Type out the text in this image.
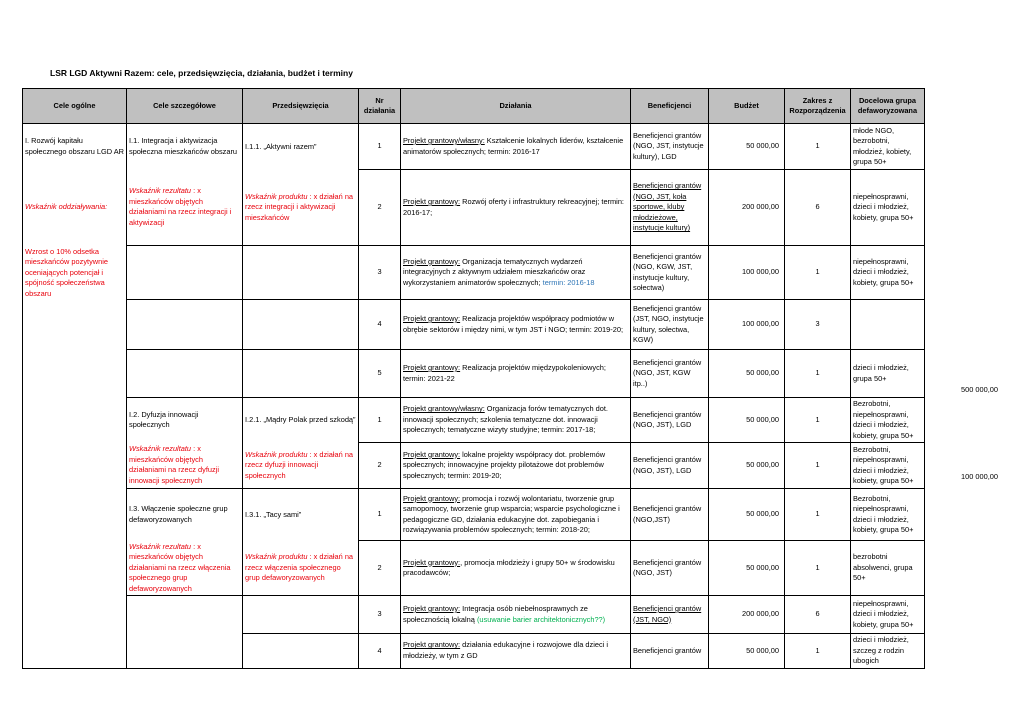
LSR LGD Aktywni Razem: cele, przedsięwzięcia, działania, budżet i terminy
Cele ogólne	Cele szczegółowe	Przedsięwzięcia	Nr działania	Działania	Beneficjenci	Budżet	Zakres z Rozporządzenia	Docelowa grupa defaworyzowana
I. Rozwój kapitału społecznego obszaru LGD AR	I.1. Integracja i aktywizacja społeczna mieszkańców obszaru	I.1.1. „Aktywni razem”	1	Projekt grantowy/własny: Kształcenie lokalnych liderów, kształcenie animatorów społecznych; termin: 2016-17	Beneficjenci grantów (NGO, JST, instytucje kultury), LGD	50 000,00	1	młode NGO, bezrobotni, młodzież, kobiety, grupa 50+
Wskaźnik oddziaływania:	Wskaźnik rezultatu : x mieszkańców objętych działaniami na rzecz integracji i aktywizacji	Wskaźnik produktu : x działań na rzecz integracji i aktywizacji mieszkańców	2	Projekt grantowy: Rozwój oferty i infrastruktury rekreacyjnej; termin: 2016-17;	Beneficjenci grantów (NGO, JST, koła sportowe, kluby młodzieżowe, instytucje kultury)	200 000,00	6	niepełnosprawni, dzieci i młodzież, kobiety, grupa 50+
Wzrost o 10% odsetka mieszkańców pozytywnie oceniających potencjał i spójność społeczeństwa obszaru			3	Projekt grantowy: Organizacja tematycznych wydarzeń integracyjnych z aktywnym udziałem mieszkańców oraz wykorzystaniem animatorów społecznych; termin: 2016-18	Beneficjenci grantów (NGO, KGW, JST, instytucje kultury, sołectwa)	100 000,00	1	niepełnosprawni, dzieci i młodzież, kobiety, grupa 50+
			4	Projekt grantowy: Realizacja projektów współpracy podmiotów w obrębie sektorów i między nimi, w tym JST i NGO; termin: 2019-20;	Beneficjenci grantów (JST, NGO, instytucje kultury, sołectwa, KGW)	100 000,00	3	
			5	Projekt grantowy: Realizacja projektów międzypokoleniowych; termin: 2021-22	Beneficjenci grantów (NGO, JST, KGW itp..)	50 000,00	1	dzieci i młodzież, grupa 50+
	I.2. Dyfuzja innowacji społecznych	I.2.1. „Mądry Polak przed szkodą”	1	Projekt grantowy/własny: Organizacja forów tematycznych dot. innowacji społecznych; szkolenia tematyczne dot. innowacji społecznych; tematyczne wizyty studyjne; termin: 2017-18;	Beneficjenci grantów (NGO, JST), LGD	50 000,00	1	Bezrobotni, niepełnosprawni, dzieci i młodzież, kobiety, grupa 50+
	Wskaźnik rezultatu : x mieszkańców objętych działaniami na rzecz dyfuzji innowacji społecznych	Wskaźnik produktu : x działań na rzecz dyfuzji innowacji społecznych	2	Projekt grantowy: lokalne projekty współpracy dot. problemów społecznych; innowacyjne projekty pilotażowe dot problemów społecznych; termin: 2019-20;	Beneficjenci grantów (NGO, JST), LGD	50 000,00	1	Bezrobotni, niepełnosprawni, dzieci i młodzież, kobiety, grupa 50+
	I.3. Włączenie społeczne grup defaworyzowanych	I.3.1. „Tacy sami”	1	Projekt grantowy: promocja i rozwój wolontariatu, tworzenie grup samopomocy, tworzenie grup wsparcia; wsparcie psychologiczne i pedagogiczne GD, działania edukacyjne dot. zapobiegania i rozwiązywania problemów społecznych; termin: 2018-20;	Beneficjenci grantów (NGO,JST)	50 000,00	1	Bezrobotni, niepełnosprawni, dzieci i młodzież, kobiety, grupa 50+
	Wskaźnik rezultatu : x mieszkańców objętych działaniami na rzecz włączenia społecznego grup defaworyzowanych	Wskaźnik produktu : x działań na rzecz włączenia społecznego grup defaworyzowanych	2	Projekt grantowy:, promocja młodzieży i grupy 50+ w środowisku pracodawców;	Beneficjenci grantów (NGO, JST)	50 000,00	1	bezrobotni absolwenci, grupa 50+
			3	Projekt grantowy: Integracja osób niebełnosprawnych ze społecznością lokalną (usuwanie barier architektonicznych??)	Beneficjenci grantów (JST, NGO)	200 000,00	6	niepełnosprawni, dzieci i młodzież, kobiety, grupa 50+
			4	Projekt grantowy: działania edukacyjne i rozwojowe dla dzieci i młodzieży, w tym z GD	Beneficjenci grantów	50 000,00	1	dzieci i młodzież, szczeg z rodzin ubogich
500 000,00
100 000,00
